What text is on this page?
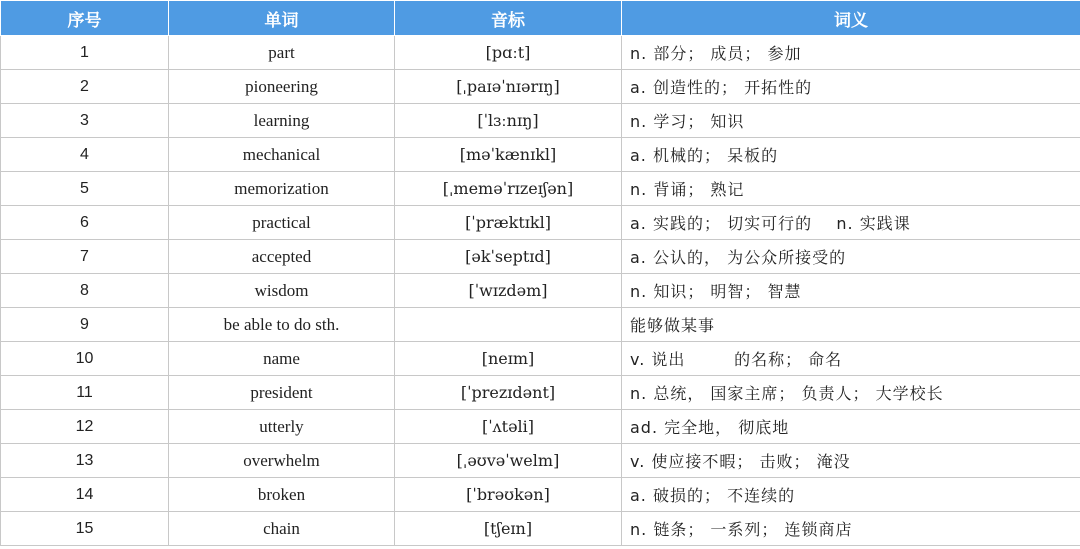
序号	单词	音标	词义
1	part	[pɑːt]	n. 部分； 成员； 参加
2	pioneering	[ˌpaɪəˈnɪərɪŋ]	a. 创造性的； 开拓性的
3	learning	[ˈlɜːnɪŋ]	n. 学习； 知识
4	mechanical	[məˈkænɪkl]	a. 机械的； 呆板的
5	memorization	[ˌmeməˈrɪzeɪʃən]	n. 背诵； 熟记
6	practical	[ˈpræktɪkl]	a. 实践的； 切实可行的    n. 实践课
7	accepted	[əkˈseptɪd]	a. 公认的， 为公众所接受的
8	wisdom	[ˈwɪzdəm]	n. 知识； 明智； 智慧
9	be able to do sth.		能够做某事
10	name	[neɪm]	v. 说出        的名称； 命名
11	president	[ˈprezɪdənt]	n. 总统， 国家主席； 负责人； 大学校长
12	utterly	[ˈʌtəli]	ad. 完全地， 彻底地
13	overwhelm	[ˌəʊvəˈwelm]	v. 使应接不暇； 击败； 淹没
14	broken	[ˈbrəʊkən]	a. 破损的； 不连续的
15	chain	[tʃeɪn]	n. 链条； 一系列； 连锁商店
